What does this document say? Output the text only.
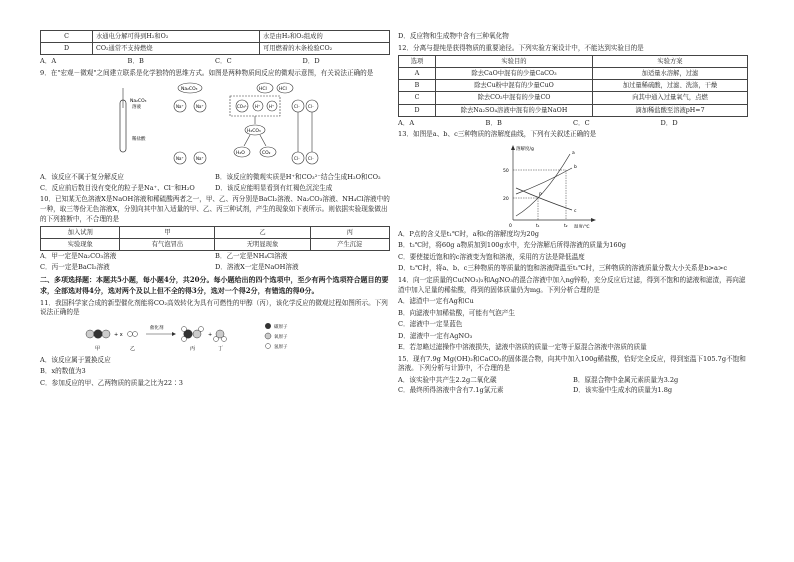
C	水通电分解可得到H₂和O₂	水是由H₂和O₂组成的
D	CO₂通常不支持燃烧	可用燃着的木条检验CO₂
A．A	B．B	C．C	D．D
9．在"宏观－微观"之间建立联系是化学独特的思维方式。如图是两种物质间反应的微观示意图，有关说法正确的是
Na₂CO₃
溶液
稀盐酸
Na₂CO₃
Na⁺	Na⁺
Na⁺	Na⁺
HCl	HCl
CO₃²⁻ H⁺ H⁺	Cl⁻ Cl⁻
Cl⁻ Cl⁻
H₂CO₃
H₂O	CO₂
A．该反应不属于复分解反应	B．该反应的微观实质是H⁺和CO₃²⁻结合生成H₂O和CO₂
C．反应前后数目没有变化的粒子是Na⁺、Cl⁻和H₂O	D．该反应能明显看到有红褐色沉淀生成
10．已知某无色溶液X是NaOH溶液和稀硫酸两者之一，甲、乙、丙分别是BaCl₂溶液、Na₂CO₃溶液、NH₄Cl溶液中的一种，取三等份无色溶液X，分别向其中加入适量的甲、乙、丙三种试剂，产生的现象如下表所示。则依据实验现象做出的下列推断中，不合理的是
加入试剂	甲	乙	丙
实验现象	有气泡冒出	无明显现象	产生沉淀
A．甲一定是Na₂CO₃溶液	B．乙一定是NH₄Cl溶液
C．丙一定是BaCl₂溶液	D．溶液X一定是NaOH溶液
二、多项选择题：本题共5小题，每小题4分，共20分。每小题给出的四个选项中，至少有两个选项符合题目的要求，全部选对得4分，选对两个及以上但不全的得3分，选对一个得2分，有错选的得0分。
11．我国科学家合成的新型催化剂能将CO₂高效转化为具有可燃性的甲醇（丙），该化学反应的微观过程如图所示。下列说法正确的是
+ x
催化剂
+
甲	乙	丙	丁
碳原子
氧原子
氢原子
A．该反应属于置换反应
B．x的数值为3
C．参加反应的甲、乙两物质的质量之比为22∶3
D．反应物和生成物中含有三种氧化物
12．分离与提纯是获得物质的重要途径。下列实验方案设计中，不能达到实验目的是
选项	实验目的	实验方案
A	除去CaO中混有的少量CaCO₃	加适量水溶解，过滤
B	除去Cu粉中混有的少量CuO	加过量稀硫酸，过滤、洗涤，干燥
C	除去CO₂中混有的少量CO	向其中通入过量氧气，点燃
D	除去Na₂SO₄溶液中混有的少量NaOH	滴加稀盐酸至溶液pH=7
A．A	B．B	C．C	D．D
13．如图是a、b、c三种物质的溶解度曲线，下列有关叙述正确的是
溶解度/g
温度/℃
50
20
0	t₁	t₂
a
b
c
P
A．P点的含义是t₁℃时，a和c的溶解度均为20g
B．t₂℃时，将60g a物质加到100g水中，充分溶解后所得溶液的质量为160g
C．要使接近饱和的c溶液变为饱和溶液，采用的方法是降低温度
D．t₂℃时，将a、b、c三种物质的等质量的饱和溶液降温至t₁℃时，三种物质的溶液质量分数大小关系是b>a>c
14．向一定质量的Cu(NO₃)₂和AgNO₃的混合溶液中加入ng锌粉，充分反应后过滤，得到不饱和的滤液和滤渣，再向滤渣中加入足量的稀盐酸，得到的固体质量仍为mg。下列分析合理的是
A．滤渣中一定有Ag和Cu
B．向滤液中加稀盐酸，可能有气泡产生
C．滤液中一定显蓝色
D．滤液中一定有AgNO₃
E．若忽略过滤操作中溶液损失，滤液中溶质的质量一定等于原混合溶液中溶质的质量
15．现有7.9g Mg(OH)₂和CaCO₃的固体混合物，向其中加入100g稀盐酸，恰好完全反应，得到室温下105.7g不饱和溶液。下列分析与计算中，不合理的是
A．该实验中共产生2.2g二氧化碳	B．原混合物中金属元素质量为3.2g
C．最终所得溶液中含有7.1g氯元素	D．该实验中生成水的质量为1.8g
